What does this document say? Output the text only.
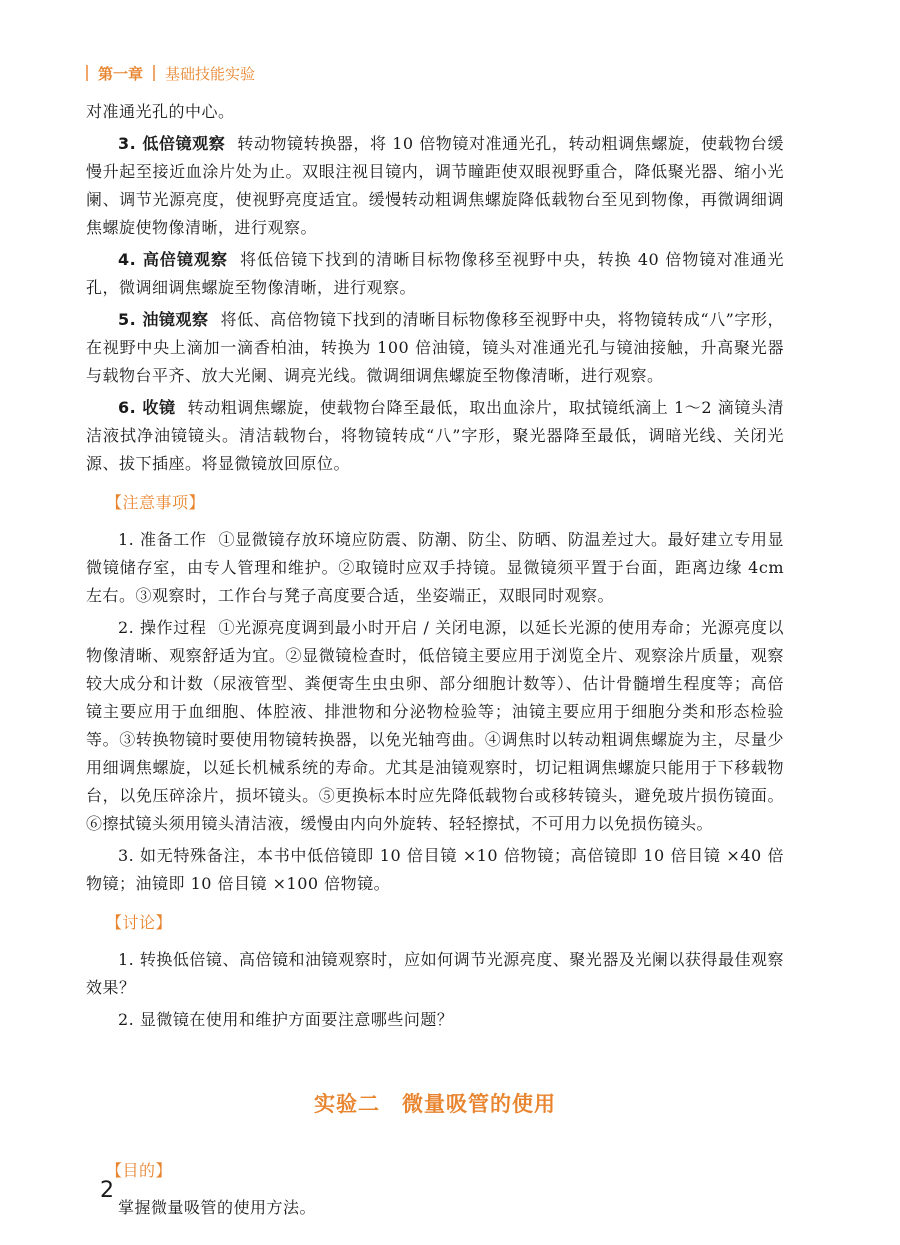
第一章 基础技能实验

对准通光孔的中心。

3. 低倍镜观察 转动物镜转换器，将 10 倍物镜对准通光孔，转动粗调焦螺旋，使载物台缓慢升起至接近血涂片处为止。双眼注视目镜内，调节瞳距使双眼视野重合，降低聚光器、缩小光阑、调节光源亮度，使视野亮度适宜。缓慢转动粗调焦螺旋降低载物台至见到物像，再微调细调焦螺旋使物像清晰，进行观察。

4. 高倍镜观察 将低倍镜下找到的清晰目标物像移至视野中央，转换 40 倍物镜对准通光孔，微调细调焦螺旋至物像清晰，进行观察。

5. 油镜观察 将低、高倍物镜下找到的清晰目标物像移至视野中央，将物镜转成“八”字形，在视野中央上滴加一滴香柏油，转换为 100 倍油镜，镜头对准通光孔与镜油接触，升高聚光器与载物台平齐、放大光阑、调亮光线。微调细调焦螺旋至物像清晰，进行观察。

6. 收镜 转动粗调焦螺旋，使载物台降至最低，取出血涂片，取拭镜纸滴上 1～2 滴镜头清洁液拭净油镜镜头。清洁载物台，将物镜转成“八”字形，聚光器降至最低，调暗光线、关闭光源、拔下插座。将显微镜放回原位。

【注意事项】

1. 准备工作 ①显微镜存放环境应防震、防潮、防尘、防晒、防温差过大。最好建立专用显微镜储存室，由专人管理和维护。②取镜时应双手持镜。显微镜须平置于台面，距离边缘 4cm 左右。③观察时，工作台与凳子高度要合适，坐姿端正，双眼同时观察。

2. 操作过程 ①光源亮度调到最小时开启 / 关闭电源，以延长光源的使用寿命；光源亮度以物像清晰、观察舒适为宜。②显微镜检查时，低倍镜主要应用于浏览全片、观察涂片质量，观察较大成分和计数（尿液管型、粪便寄生虫虫卵、部分细胞计数等）、估计骨髓增生程度等；高倍镜主要应用于血细胞、体腔液、排泄物和分泌物检验等；油镜主要应用于细胞分类和形态检验等。③转换物镜时要使用物镜转换器，以免光轴弯曲。④调焦时以转动粗调焦螺旋为主，尽量少用细调焦螺旋，以延长机械系统的寿命。尤其是油镜观察时，切记粗调焦螺旋只能用于下移载物台，以免压碎涂片，损坏镜头。⑤更换标本时应先降低载物台或移转镜头，避免玻片损伤镜面。⑥擦拭镜头须用镜头清洁液，缓慢由内向外旋转、轻轻擦拭，不可用力以免损伤镜头。

3. 如无特殊备注，本书中低倍镜即 10 倍目镜 ×10 倍物镜；高倍镜即 10 倍目镜 ×40 倍物镜；油镜即 10 倍目镜 ×100 倍物镜。

【讨论】

1. 转换低倍镜、高倍镜和油镜观察时，应如何调节光源亮度、聚光器及光阑以获得最佳观察效果？

2. 显微镜在使用和维护方面要注意哪些问题？

实验二　微量吸管的使用
【目的】

掌握微量吸管的使用方法。

2
